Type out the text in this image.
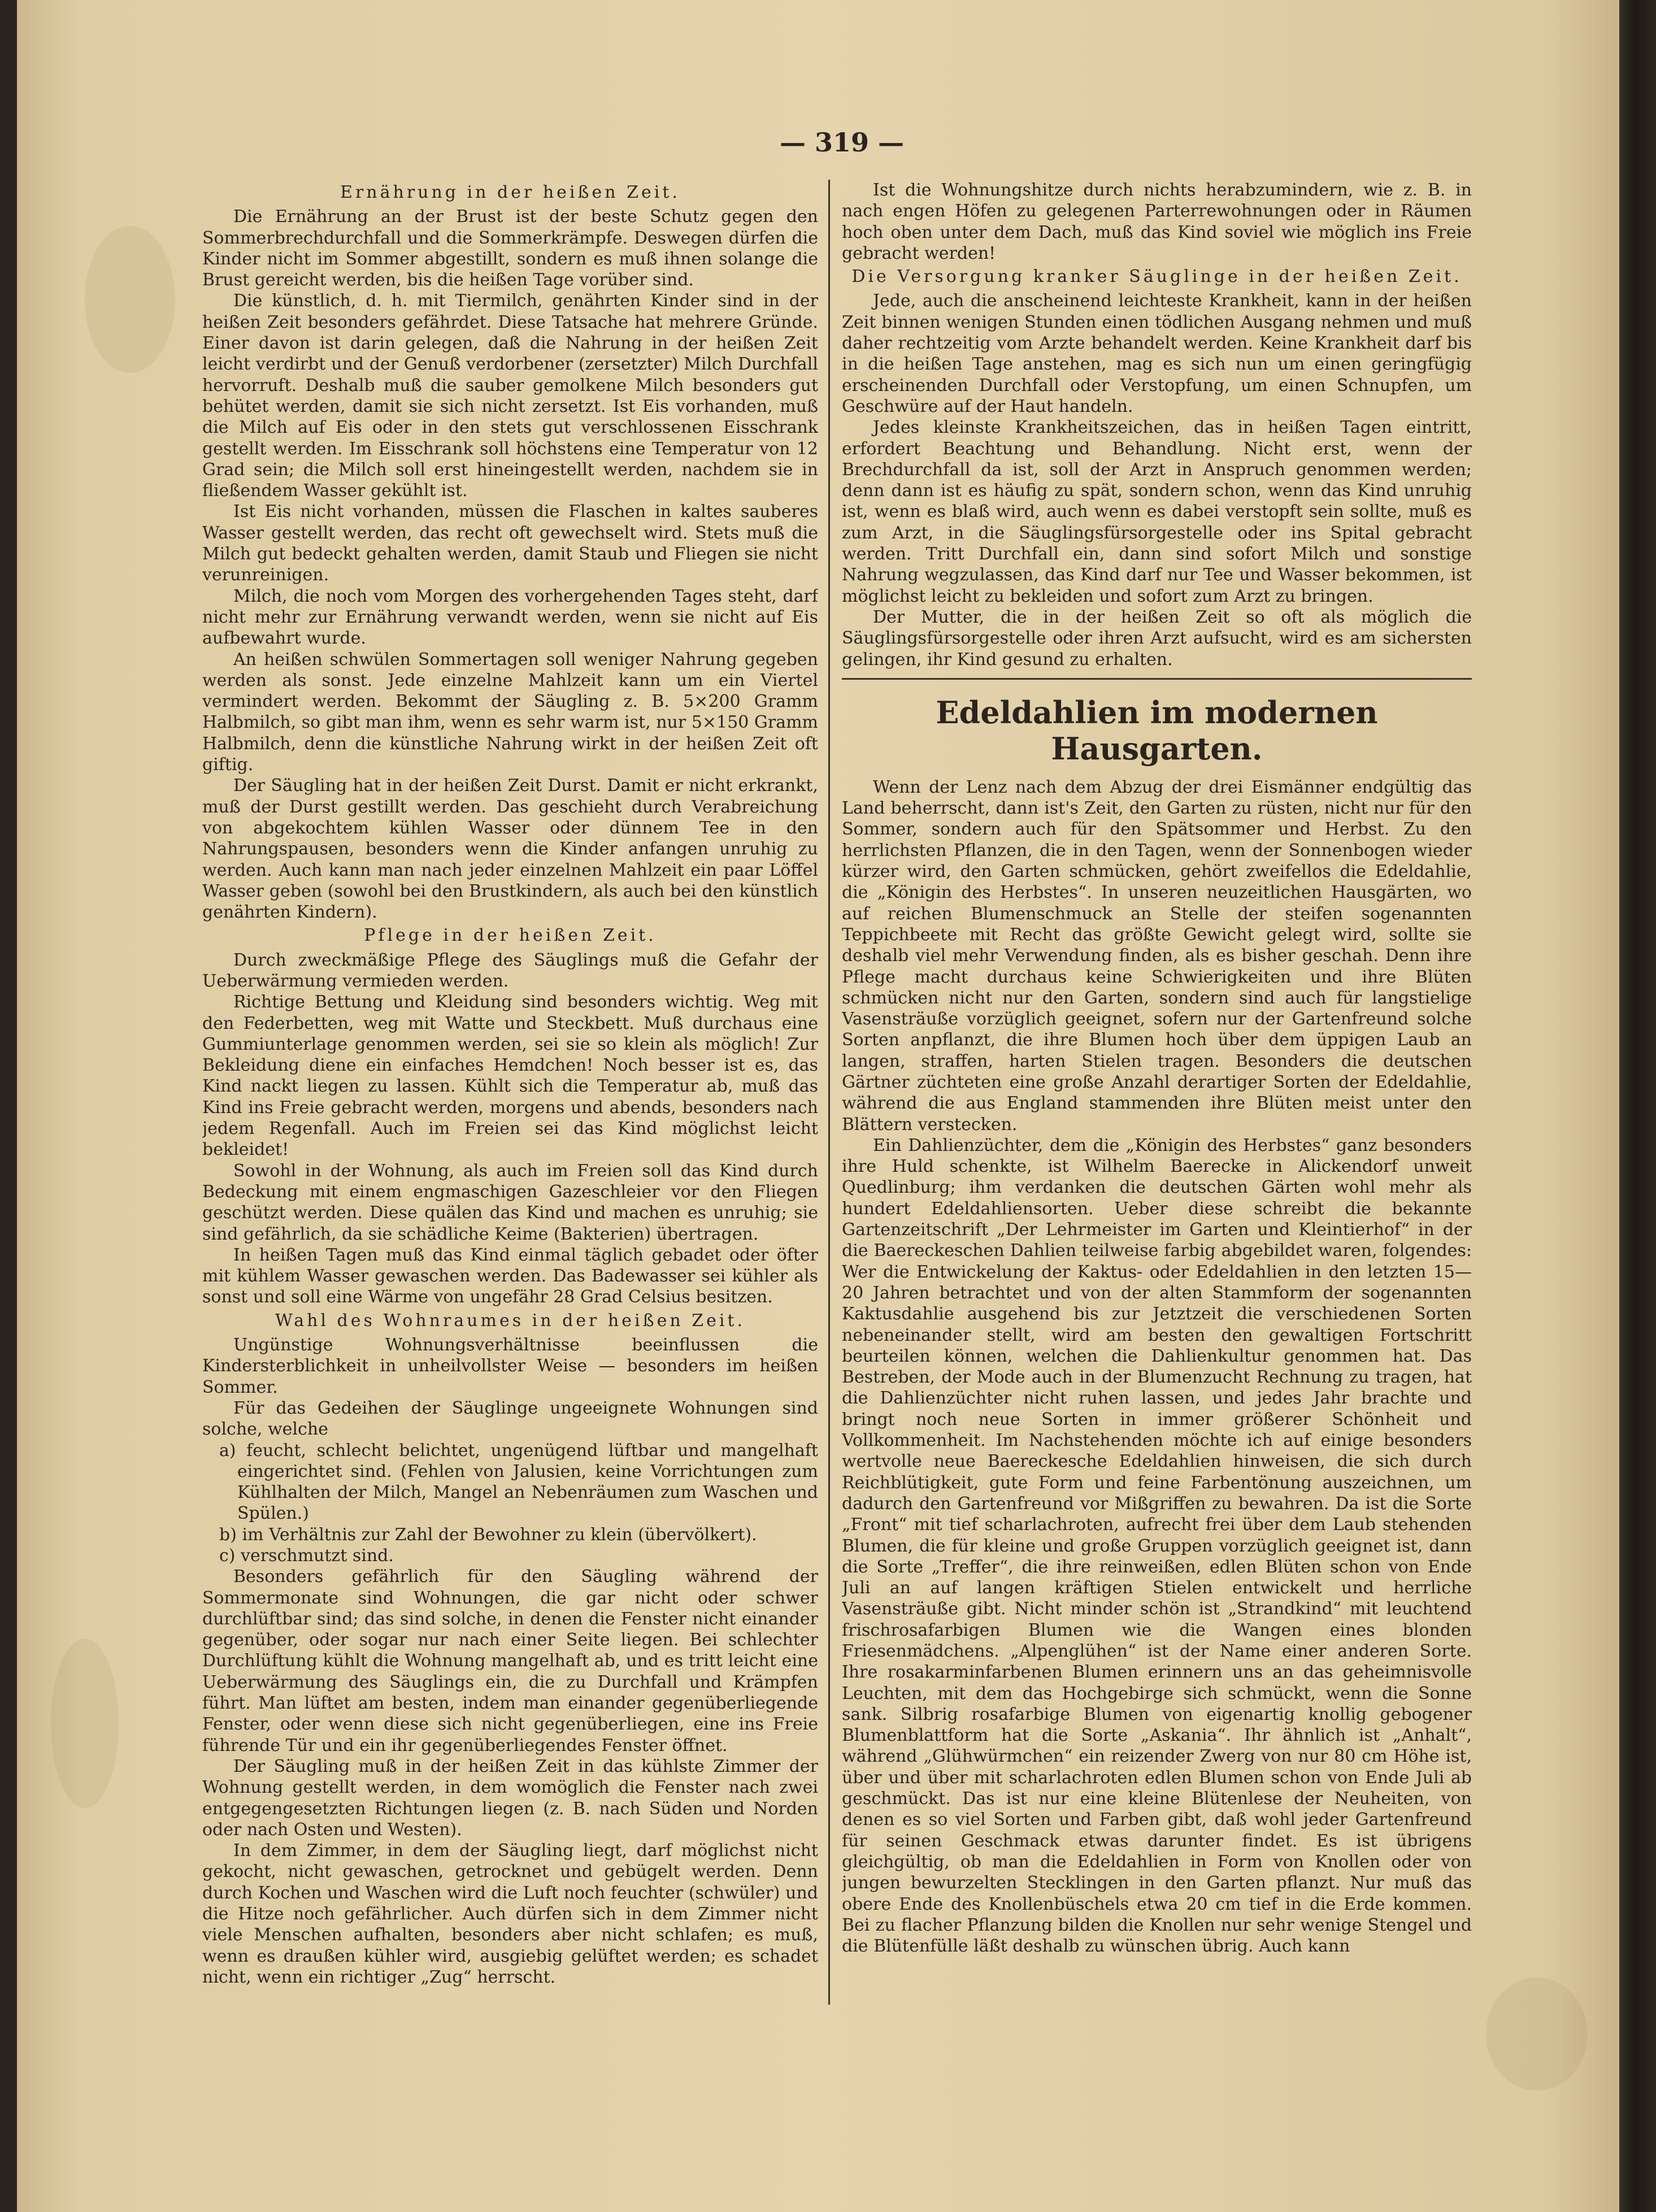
— 319 —
Ernährung in der heißen Zeit.

Die Ernährung an der Brust ist der beste Schutz gegen den Sommerbrechdurchfall und die Sommerkrämpfe. Deswegen dürfen die Kinder nicht im Sommer abgestillt, sondern es muß ihnen solange die Brust gereicht werden, bis die heißen Tage vorüber sind.

Die künstlich, d. h. mit Tiermilch, genährten Kinder sind in der heißen Zeit besonders gefährdet. Diese Tatsache hat mehrere Gründe. Einer davon ist darin gelegen, daß die Nahrung in der heißen Zeit leicht verdirbt und der Genuß verdorbener (zersetzter) Milch Durchfall hervorruft. Deshalb muß die sauber gemolkene Milch besonders gut behütet werden, damit sie sich nicht zersetzt. Ist Eis vorhanden, muß die Milch auf Eis oder in den stets gut verschlossenen Eisschrank gestellt werden. Im Eisschrank soll höchstens eine Temperatur von 12 Grad sein; die Milch soll erst hineingestellt werden, nachdem sie in fließendem Wasser gekühlt ist.

Ist Eis nicht vorhanden, müssen die Flaschen in kaltes sauberes Wasser gestellt werden, das recht oft gewechselt wird. Stets muß die Milch gut bedeckt gehalten werden, damit Staub und Fliegen sie nicht verunreinigen.

Milch, die noch vom Morgen des vorhergehenden Tages steht, darf nicht mehr zur Ernährung verwandt werden, wenn sie nicht auf Eis aufbewahrt wurde.

An heißen schwülen Sommertagen soll weniger Nahrung gegeben werden als sonst. Jede einzelne Mahlzeit kann um ein Viertel vermindert werden. Bekommt der Säugling z. B. 5×200 Gramm Halbmilch, so gibt man ihm, wenn es sehr warm ist, nur 5×150 Gramm Halbmilch, denn die künstliche Nahrung wirkt in der heißen Zeit oft giftig.

Der Säugling hat in der heißen Zeit Durst. Damit er nicht erkrankt, muß der Durst gestillt werden. Das geschieht durch Verabreichung von abgekochtem kühlen Wasser oder dünnem Tee in den Nahrungspausen, besonders wenn die Kinder anfangen unruhig zu werden. Auch kann man nach jeder einzelnen Mahlzeit ein paar Löffel Wasser geben (sowohl bei den Brustkindern, als auch bei den künstlich genährten Kindern).

Pflege in der heißen Zeit.

Durch zweckmäßige Pflege des Säuglings muß die Gefahr der Ueberwärmung vermieden werden.

Richtige Bettung und Kleidung sind besonders wichtig. Weg mit den Federbetten, weg mit Watte und Steckbett. Muß durchaus eine Gummiunterlage genommen werden, sei sie so klein als möglich! Zur Bekleidung diene ein einfaches Hemdchen! Noch besser ist es, das Kind nackt liegen zu lassen. Kühlt sich die Temperatur ab, muß das Kind ins Freie gebracht werden, morgens und abends, besonders nach jedem Regenfall. Auch im Freien sei das Kind möglichst leicht bekleidet!

Sowohl in der Wohnung, als auch im Freien soll das Kind durch Bedeckung mit einem engmaschigen Gazeschleier vor den Fliegen geschützt werden. Diese quälen das Kind und machen es unruhig; sie sind gefährlich, da sie schädliche Keime (Bakterien) übertragen.

In heißen Tagen muß das Kind einmal täglich gebadet oder öfter mit kühlem Wasser gewaschen werden. Das Badewasser sei kühler als sonst und soll eine Wärme von ungefähr 28 Grad Celsius besitzen.

Wahl des Wohnraumes in der heißen Zeit.

Ungünstige Wohnungsverhältnisse beeinflussen die Kindersterblichkeit in unheilvollster Weise — besonders im heißen Sommer.

Für das Gedeihen der Säuglinge ungeeignete Wohnungen sind solche, welche

a) feucht, schlecht belichtet, ungenügend lüftbar und mangelhaft eingerichtet sind. (Fehlen von Jalusien, keine Vorrichtungen zum Kühlhalten der Milch, Mangel an Nebenräumen zum Waschen und Spülen.)
b) im Verhältnis zur Zahl der Bewohner zu klein (übervölkert).
c) verschmutzt sind.

Besonders gefährlich für den Säugling während der Sommermonate sind Wohnungen, die gar nicht oder schwer durchlüftbar sind; das sind solche, in denen die Fenster nicht einander gegenüber, oder sogar nur nach einer Seite liegen. Bei schlechter Durchlüftung kühlt die Wohnung mangelhaft ab, und es tritt leicht eine Ueberwärmung des Säuglings ein, die zu Durchfall und Krämpfen führt. Man lüftet am besten, indem man einander gegenüberliegende Fenster, oder wenn diese sich nicht gegenüberliegen, eine ins Freie führende Tür und ein ihr gegenüberliegendes Fenster öffnet.

Der Säugling muß in der heißen Zeit in das kühlste Zimmer der Wohnung gestellt werden, in dem womöglich die Fenster nach zwei entgegengesetzten Richtungen liegen (z. B. nach Süden und Norden oder nach Osten und Westen).

In dem Zimmer, in dem der Säugling liegt, darf möglichst nicht gekocht, nicht gewaschen, getrocknet und gebügelt werden. Denn durch Kochen und Waschen wird die Luft noch feuchter (schwüler) und die Hitze noch gefährlicher. Auch dürfen sich in dem Zimmer nicht viele Menschen aufhalten, besonders aber nicht schlafen; es muß, wenn es draußen kühler wird, ausgiebig gelüftet werden; es schadet nicht, wenn ein richtiger „Zug“ herrscht.

Ist die Wohnungshitze durch nichts herabzumindern, wie z. B. in nach engen Höfen zu gelegenen Parterrewohnungen oder in Räumen hoch oben unter dem Dach, muß das Kind soviel wie möglich ins Freie gebracht werden!

Die Versorgung kranker Säuglinge in der heißen Zeit.

Jede, auch die anscheinend leichteste Krankheit, kann in der heißen Zeit binnen wenigen Stunden einen tödlichen Ausgang nehmen und muß daher rechtzeitig vom Arzte behandelt werden. Keine Krankheit darf bis in die heißen Tage anstehen, mag es sich nun um einen geringfügig erscheinenden Durchfall oder Verstopfung, um einen Schnupfen, um Geschwüre auf der Haut handeln.

Jedes kleinste Krankheitszeichen, das in heißen Tagen eintritt, erfordert Beachtung und Behandlung. Nicht erst, wenn der Brechdurchfall da ist, soll der Arzt in Anspruch genommen werden; denn dann ist es häufig zu spät, sondern schon, wenn das Kind unruhig ist, wenn es blaß wird, auch wenn es dabei verstopft sein sollte, muß es zum Arzt, in die Säuglingsfürsorgestelle oder ins Spital gebracht werden. Tritt Durchfall ein, dann sind sofort Milch und sonstige Nahrung wegzulassen, das Kind darf nur Tee und Wasser bekommen, ist möglichst leicht zu bekleiden und sofort zum Arzt zu bringen.

Der Mutter, die in der heißen Zeit so oft als möglich die Säuglingsfürsorgestelle oder ihren Arzt aufsucht, wird es am sichersten gelingen, ihr Kind gesund zu erhalten.

Edeldahlien im modernen Hausgarten.

Wenn der Lenz nach dem Abzug der drei Eismänner endgültig das Land beherrscht, dann ist's Zeit, den Garten zu rüsten, nicht nur für den Sommer, sondern auch für den Spätsommer und Herbst. Zu den herrlichsten Pflanzen, die in den Tagen, wenn der Sonnenbogen wieder kürzer wird, den Garten schmücken, gehört zweifellos die Edeldahlie, die „Königin des Herbstes“. In unseren neuzeitlichen Hausgärten, wo auf reichen Blumenschmuck an Stelle der steifen sogenannten Teppichbeete mit Recht das größte Gewicht gelegt wird, sollte sie deshalb viel mehr Verwendung finden, als es bisher geschah. Denn ihre Pflege macht durchaus keine Schwierigkeiten und ihre Blüten schmücken nicht nur den Garten, sondern sind auch für langstielige Vasensträuße vorzüglich geeignet, sofern nur der Gartenfreund solche Sorten anpflanzt, die ihre Blumen hoch über dem üppigen Laub an langen, straffen, harten Stielen tragen. Besonders die deutschen Gärtner züchteten eine große Anzahl derartiger Sorten der Edeldahlie, während die aus England stammenden ihre Blüten meist unter den Blättern verstecken.

Ein Dahlienzüchter, dem die „Königin des Herbstes“ ganz besonders ihre Huld schenkte, ist Wilhelm Baerecke in Alickendorf unweit Quedlinburg; ihm verdanken die deutschen Gärten wohl mehr als hundert Edeldahliensorten. Ueber diese schreibt die bekannte Gartenzeitschrift „Der Lehrmeister im Garten und Kleintierhof“ in der die Baereckeschen Dahlien teilweise farbig abgebildet waren, folgendes: Wer die Entwickelung der Kaktus- oder Edeldahlien in den letzten 15—20 Jahren betrachtet und von der alten Stammform der sogenannten Kaktusdahlie ausgehend bis zur Jetztzeit die verschiedenen Sorten nebeneinander stellt, wird am besten den gewaltigen Fortschritt beurteilen können, welchen die Dahlienkultur genommen hat. Das Bestreben, der Mode auch in der Blumenzucht Rechnung zu tragen, hat die Dahlienzüchter nicht ruhen lassen, und jedes Jahr brachte und bringt noch neue Sorten in immer größerer Schönheit und Vollkommenheit. Im Nachstehenden möchte ich auf einige besonders wertvolle neue Baereckesche Edeldahlien hinweisen, die sich durch Reichblütigkeit, gute Form und feine Farbentönung auszeichnen, um dadurch den Gartenfreund vor Mißgriffen zu bewahren. Da ist die Sorte „Front“ mit tief scharlachroten, aufrecht frei über dem Laub stehenden Blumen, die für kleine und große Gruppen vorzüglich geeignet ist, dann die Sorte „Treffer“, die ihre reinweißen, edlen Blüten schon von Ende Juli an auf langen kräftigen Stielen entwickelt und herrliche Vasensträuße gibt. Nicht minder schön ist „Strandkind“ mit leuchtend frischrosafarbigen Blumen wie die Wangen eines blonden Friesenmädchens. „Alpenglühen“ ist der Name einer anderen Sorte. Ihre rosakarminfarbenen Blumen erinnern uns an das geheimnisvolle Leuchten, mit dem das Hochgebirge sich schmückt, wenn die Sonne sank. Silbrig rosafarbige Blumen von eigenartig knollig gebogener Blumenblattform hat die Sorte „Askania“. Ihr ähnlich ist „Anhalt“, während „Glühwürmchen“ ein reizender Zwerg von nur 80 cm Höhe ist, über und über mit scharlachroten edlen Blumen schon von Ende Juli ab geschmückt. Das ist nur eine kleine Blütenlese der Neuheiten, von denen es so viel Sorten und Farben gibt, daß wohl jeder Gartenfreund für seinen Geschmack etwas darunter findet. Es ist übrigens gleichgültig, ob man die Edeldahlien in Form von Knollen oder von jungen bewurzelten Stecklingen in den Garten pflanzt. Nur muß das obere Ende des Knollenbüschels etwa 20 cm tief in die Erde kommen. Bei zu flacher Pflanzung bilden die Knollen nur sehr wenige Stengel und die Blütenfülle läßt deshalb zu wünschen übrig. Auch kann
